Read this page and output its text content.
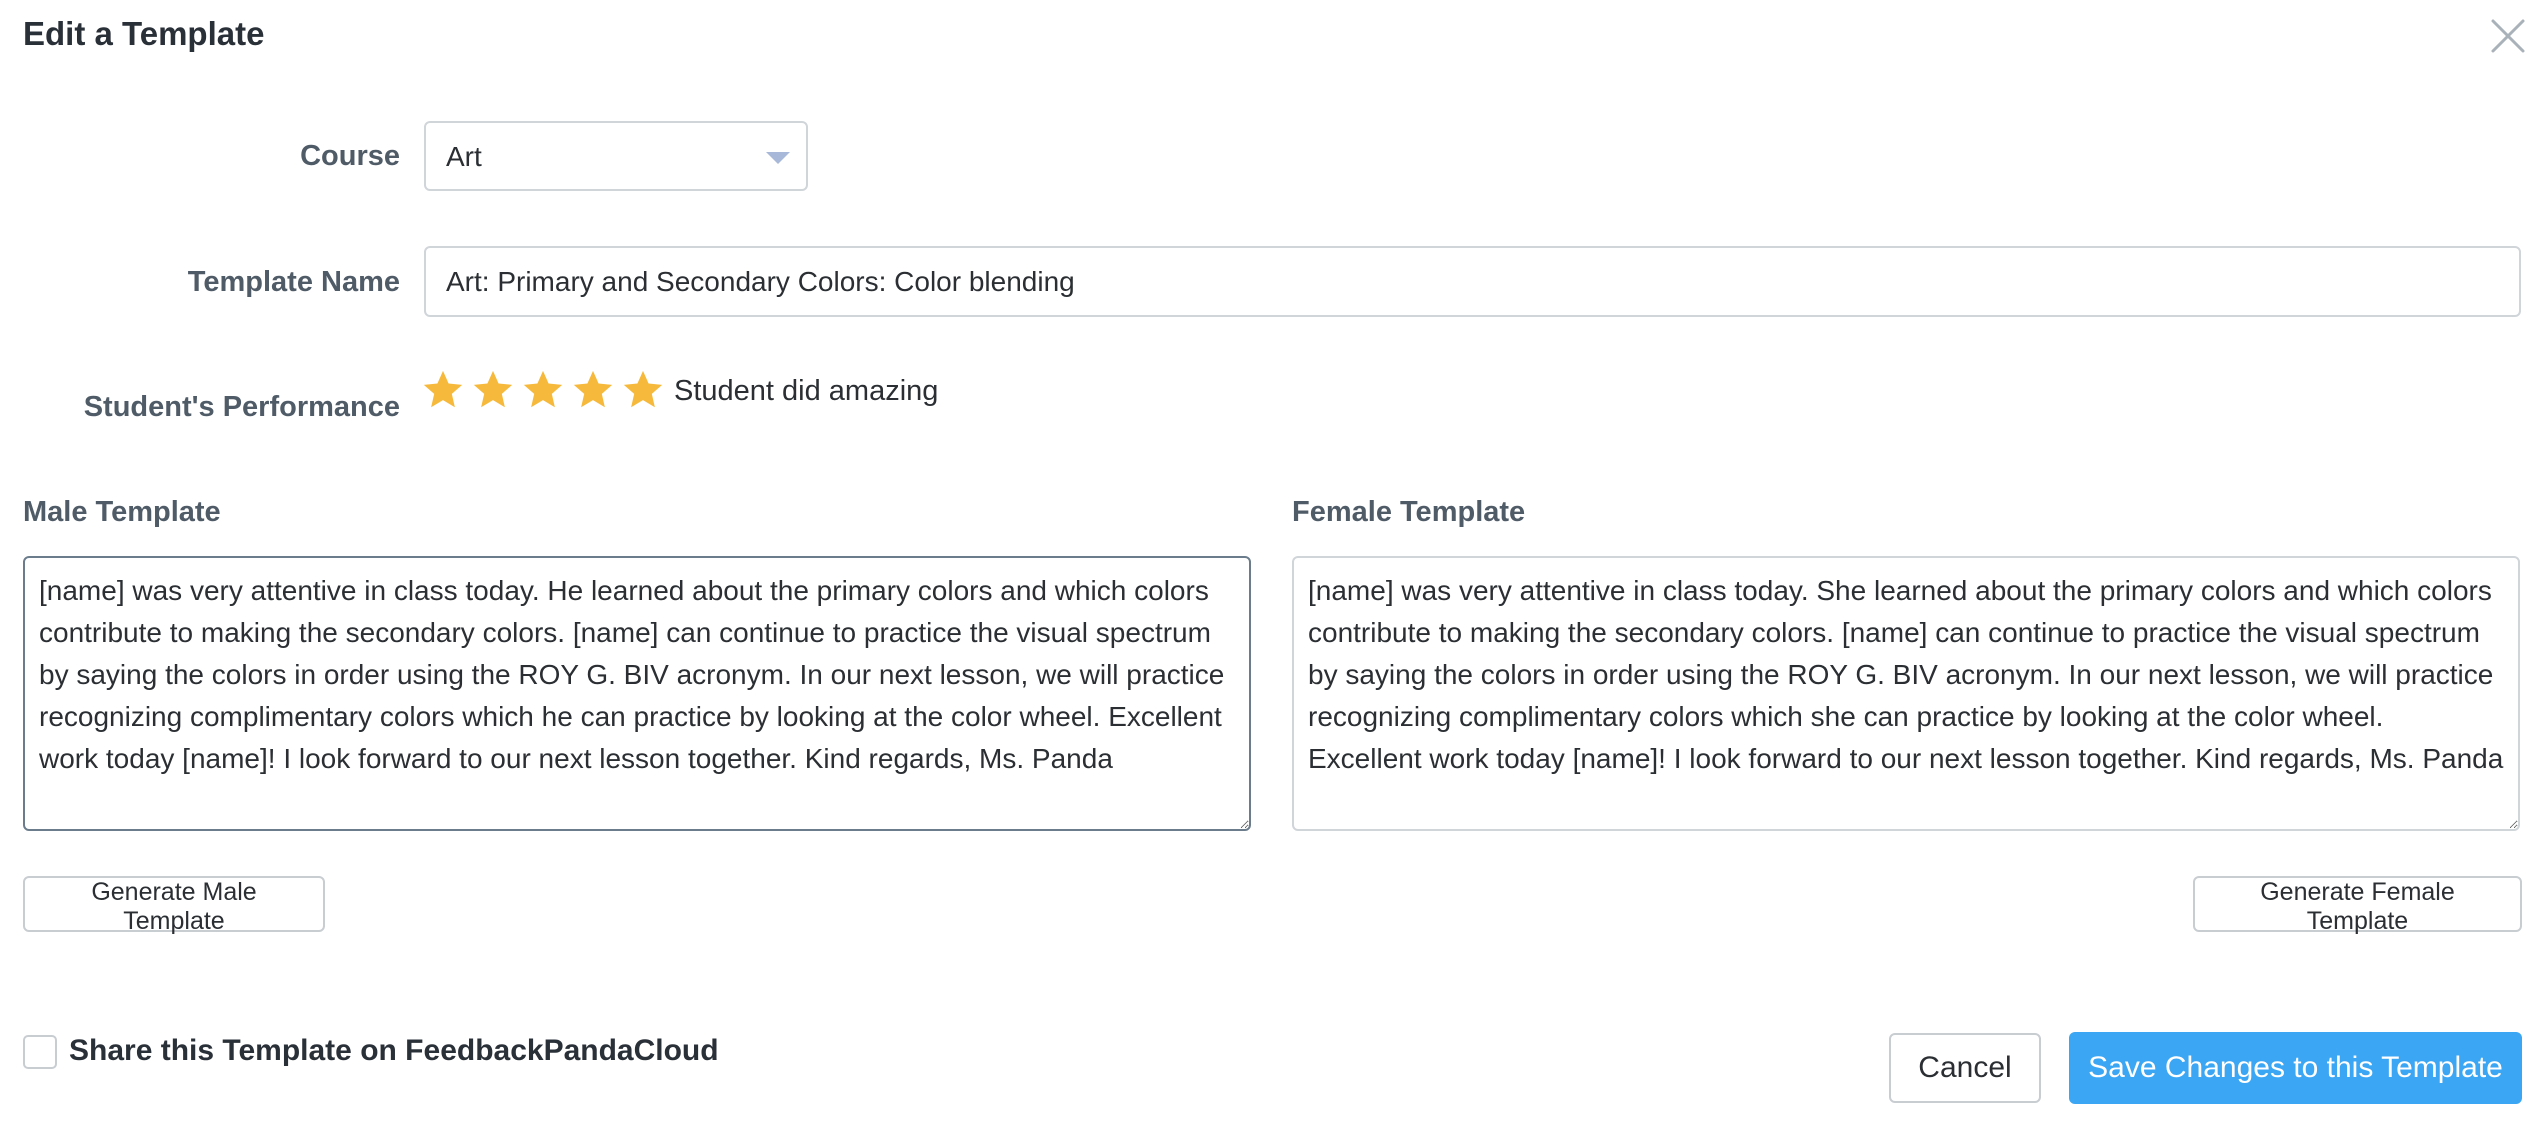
Edit a Template
Course Art
Template Name
Art: Primary and Secondary Colors: Color blending
Student's Performance	Student did amazing
Male Template
[name] was very attentive in class today. He learned about the primary colors and which colors contribute to making the secondary colors. [name] can continue to practice the visual spectrum by saying the colors in order using the ROY G. BIV acronym. In our next lesson, we will practice recognizing complimentary colors which he can practice by looking at the color wheel. Excellent work today [name]! I look forward to our next lesson together. Kind regards, Ms. Panda
Generate Male Template
Female Template
[name] was very attentive in class today. She learned about the primary colors and which colors contribute to making the secondary colors. [name] can continue to practice the visual spectrum by saying the colors in order using the ROY G. BIV acronym. In our next lesson, we will practice recognizing complimentary colors which she can practice by looking at the color wheel. Excellent work today [name]! I look forward to our next lesson together. Kind regards, Ms. Panda
Generate Female Template
Share this Template on FeedbackPandaCloud
Cancel	Save Changes to this Template
